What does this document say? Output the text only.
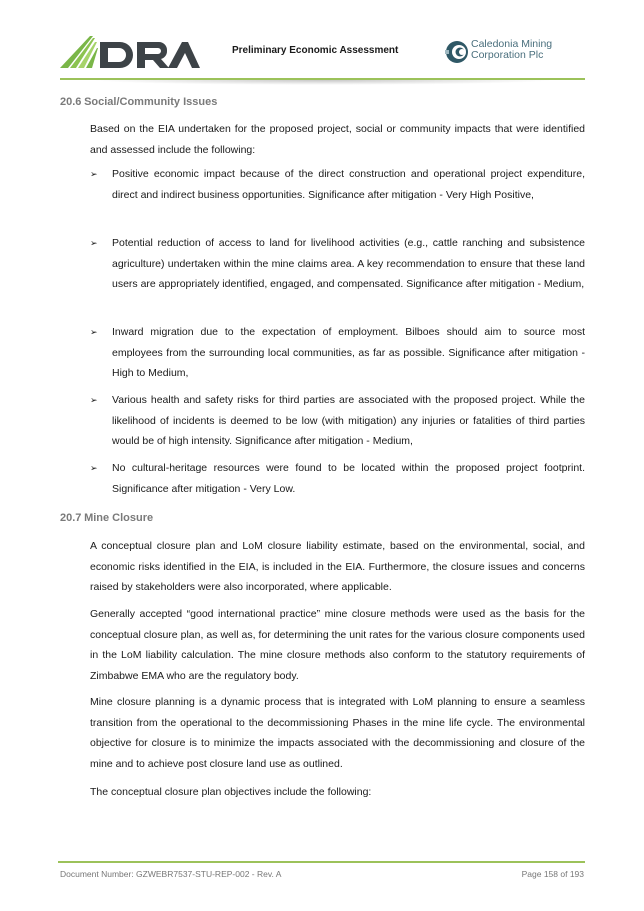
Preliminary Economic Assessment
Caledonia Mining
Corporation Plc
20.6 Social/Community Issues
Based on the EIA undertaken for the proposed project, social or community impacts that were identified and assessed include the following:
➢ Positive economic impact because of the direct construction and operational project expenditure, direct and indirect business opportunities. Significance after mitigation - Very High Positive,
➢ Potential reduction of access to land for livelihood activities (e.g., cattle ranching and subsistence agriculture) undertaken within the mine claims area. A key recommendation to ensure that these land users are appropriately identified, engaged, and compensated. Significance after mitigation - Medium,
➢ Inward migration due to the expectation of employment. Bilboes should aim to source most employees from the surrounding local communities, as far as possible. Significance after mitigation - High to Medium,
➢ Various health and safety risks for third parties are associated with the proposed project. While the likelihood of incidents is deemed to be low (with mitigation) any injuries or fatalities of third parties would be of high intensity. Significance after mitigation - Medium,
➢ No cultural-heritage resources were found to be located within the proposed project footprint. Significance after mitigation - Very Low.
20.7 Mine Closure
A conceptual closure plan and LoM closure liability estimate, based on the environmental, social, and economic risks identified in the EIA, is included in the EIA. Furthermore, the closure issues and concerns raised by stakeholders were also incorporated, where applicable.
Generally accepted “good international practice” mine closure methods were used as the basis for the conceptual closure plan, as well as, for determining the unit rates for the various closure components used in the LoM liability calculation. The mine closure methods also conform to the statutory requirements of Zimbabwe EMA who are the regulatory body.
Mine closure planning is a dynamic process that is integrated with LoM planning to ensure a seamless transition from the operational to the decommissioning Phases in the mine life cycle. The environmental objective for closure is to minimize the impacts associated with the decommissioning and closure of the mine and to achieve post closure land use as outlined.
The conceptual closure plan objectives include the following:
Document Number: GZWEBR7537-STU-REP-002 - Rev. A	Page 158 of 193
